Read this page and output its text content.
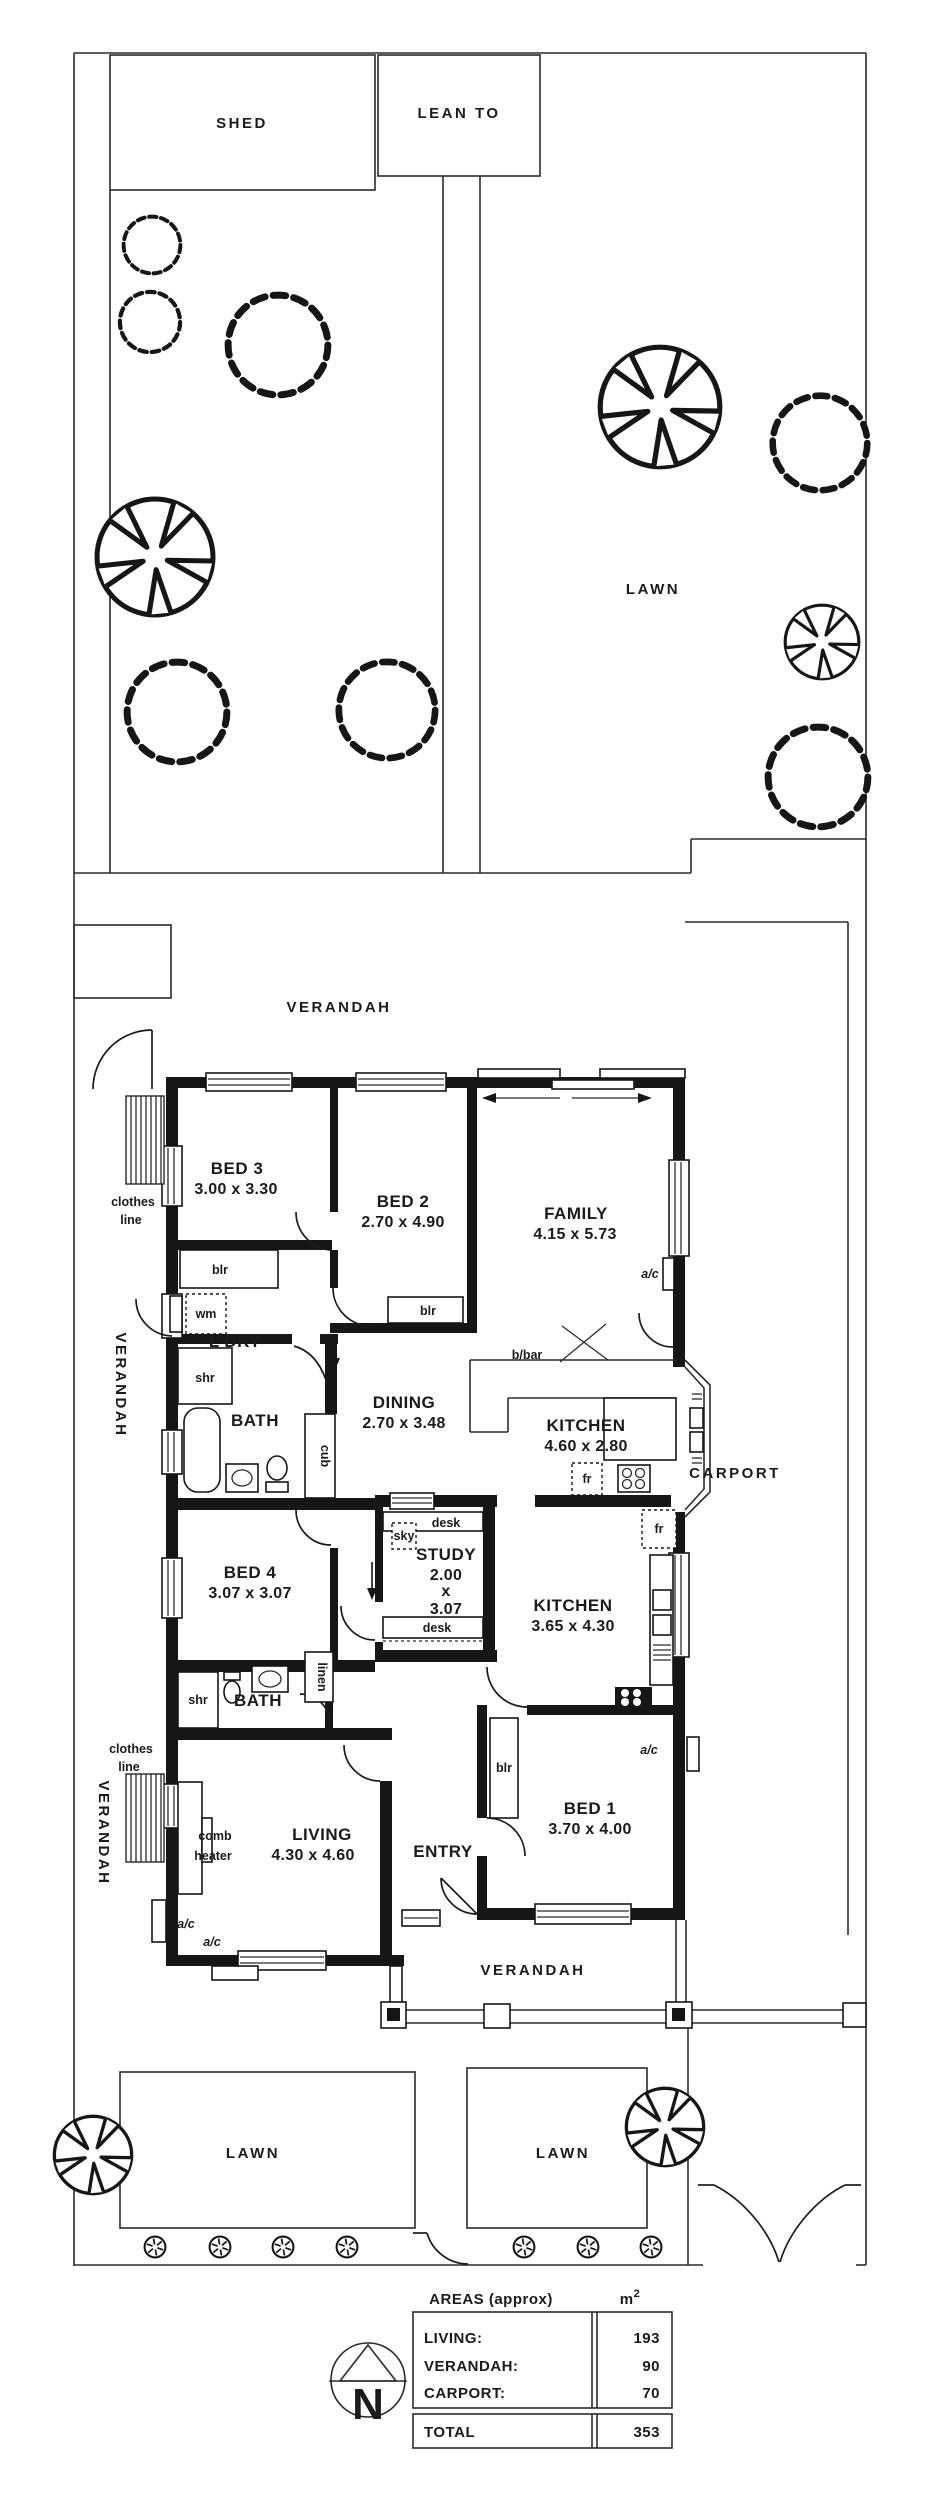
SHED
LEAN TO
LAWN
VERANDAH
VERANDAH
VERANDAH
VERANDAH
CARPORT
clothes
line
clothes
line
LAWN	LAWN
BED 3
3.00 x 3.30
BED 2
2.70 x 4.90	FAMILY
4.15 x 5.73
DINING
2.70 x 3.48	KITCHEN
4.60 x 2.80
STUDY
2.00
x
3.07
BED 4
3.07 x 3.07
KITCHEN
3.65 x 4.30
BATH
BATH
L'DRY
LIVING
4.30 x 4.60	ENTRY
BED 1
3.70 x 4.00
blr
wm	blr
blr
shr
shr
cub
linen
sky
desk
desk
fr
fr
b/bar
comb
heater
a/c
a/c
a/c
a/c
N
AREAS (approx)	$m^2$
LIVING:	193
VERANDAH:	90
CARPORT:	70
TOTAL	353
